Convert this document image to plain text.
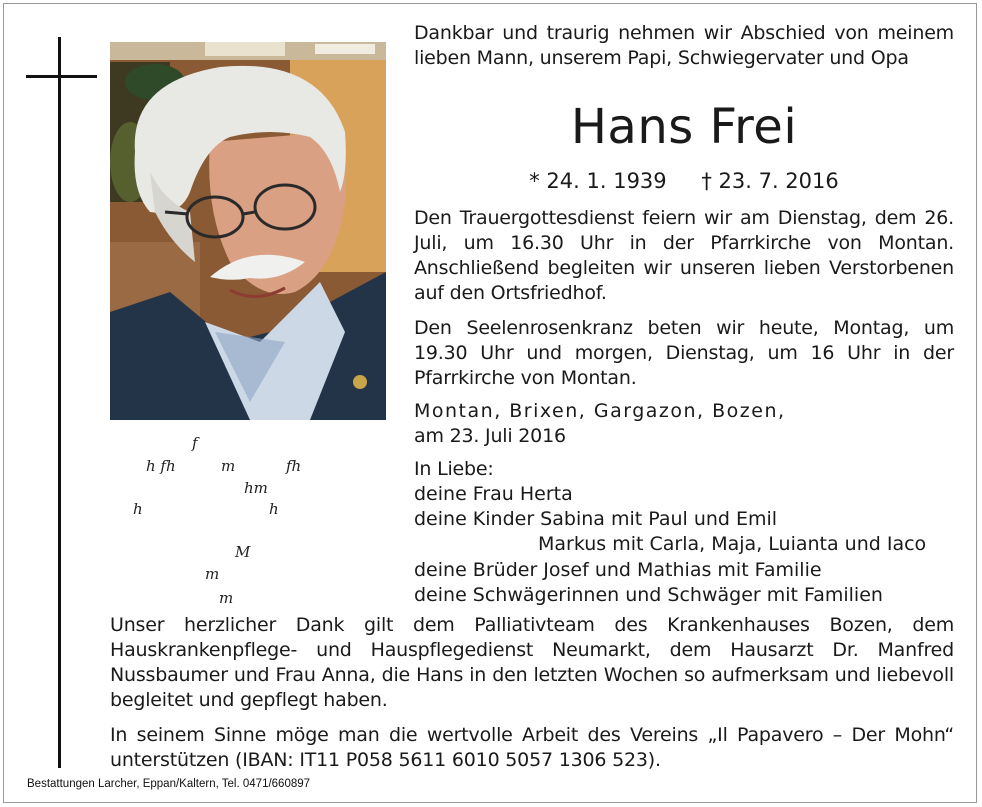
f
h fh	m	fh
hm
h	h
M
m
m
Dankbar und traurig nehmen wir Abschied von meinem lieben Mann, unserem Papi, Schwiegervater und Opa
Hans Frei
* 24. 1. 1939 † 23. 7. 2016
Den Trauergottesdienst feiern wir am Dienstag, dem 26. Juli, um 16.30 Uhr in der Pfarrkirche von Montan. Anschließend begleiten wir unseren lieben Verstorbenen auf den Ortsfriedhof.
Den Seelenrosenkranz beten wir heute, Montag, um 19.30 Uhr und morgen, Dienstag, um 16 Uhr in der Pfarrkirche von Montan.
Montan, Brixen, Gargazon, Bozen,
am 23. Juli 2016
In Liebe:
deine Frau Herta
deine Kinder Sabina mit Paul und Emil
Markus mit Carla, Maja, Luianta und Iaco
deine Brüder Josef und Mathias mit Familie
deine Schwägerinnen und Schwäger mit Familien
Unser herzlicher Dank gilt dem Palliativteam des Krankenhauses Bozen, dem Hauskrankenpflege- und Hauspflegedienst Neumarkt, dem Hausarzt Dr. Manfred Nussbaumer und Frau Anna, die Hans in den letzten Wochen so aufmerksam und liebevoll begleitet und gepflegt haben.
In seinem Sinne möge man die wertvolle Arbeit des Vereins „Il Papavero – Der Mohn“ unterstützen (IBAN: IT11 P058 5611 6010 5057 1306 523).
Bestattungen Larcher, Eppan/Kaltern, Tel. 0471/660897
